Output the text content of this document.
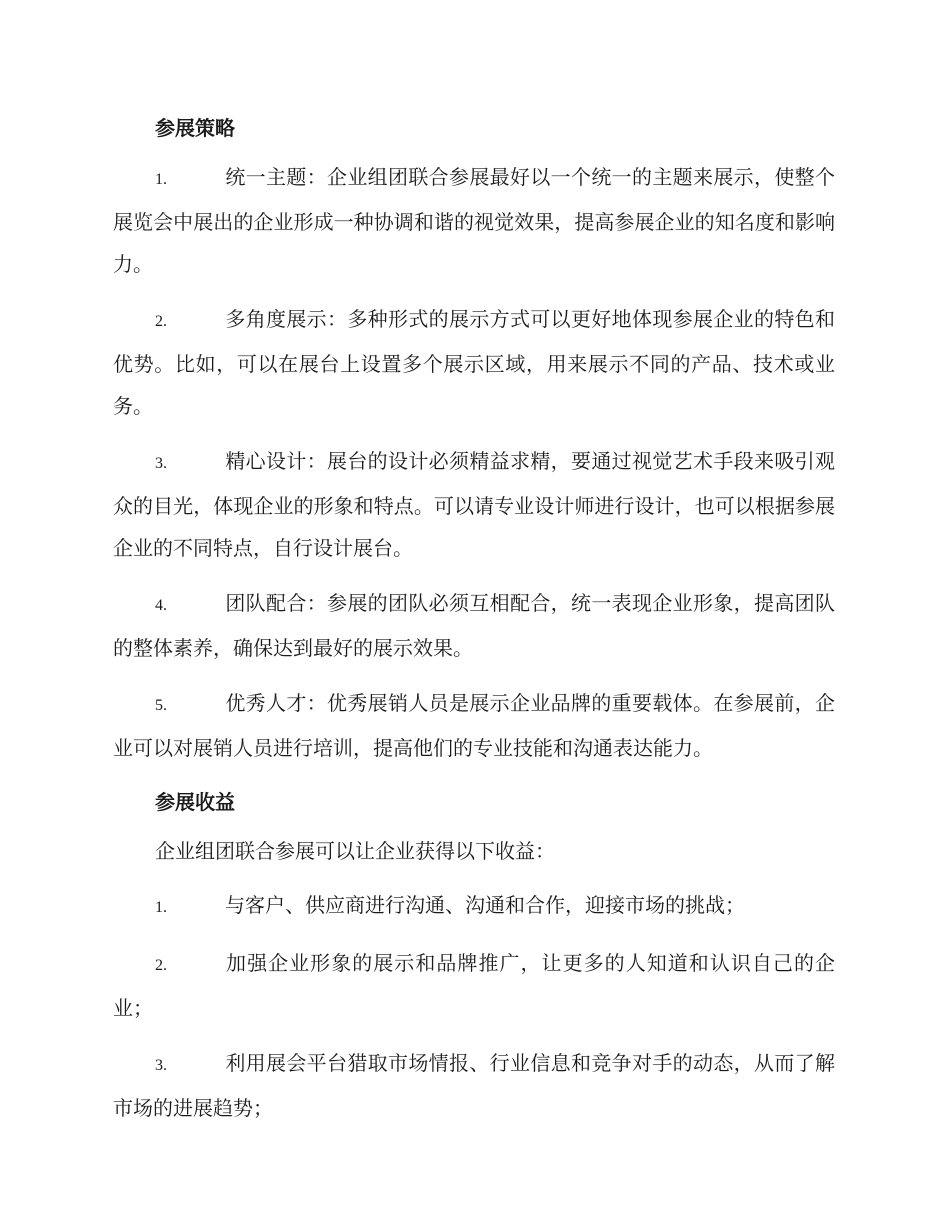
参展策略

1.	统一主题：企业组团联合参展最好以一个统一的主题来展示，使整个展览会中展出的企业形成一种协调和谐的视觉效果，提高参展企业的知名度和影响力。

2.	多角度展示：多种形式的展示方式可以更好地体现参展企业的特色和优势。比如，可以在展台上设置多个展示区域，用来展示不同的产品、技术或业务。

3.	精心设计：展台的设计必须精益求精，要通过视觉艺术手段来吸引观众的目光，体现企业的形象和特点。可以请专业设计师进行设计，也可以根据参展企业的不同特点，自行设计展台。

4.	团队配合：参展的团队必须互相配合，统一表现企业形象，提高团队的整体素养，确保达到最好的展示效果。

5.	优秀人才：优秀展销人员是展示企业品牌的重要载体。在参展前，企业可以对展销人员进行培训，提高他们的专业技能和沟通表达能力。

参展收益

企业组团联合参展可以让企业获得以下收益：

1.	与客户、供应商进行沟通、沟通和合作，迎接市场的挑战；

2.	加强企业形象的展示和品牌推广，让更多的人知道和认识自己的企业；

3.	利用展会平台猎取市场情报、行业信息和竞争对手的动态，从而了解市场的进展趋势；
